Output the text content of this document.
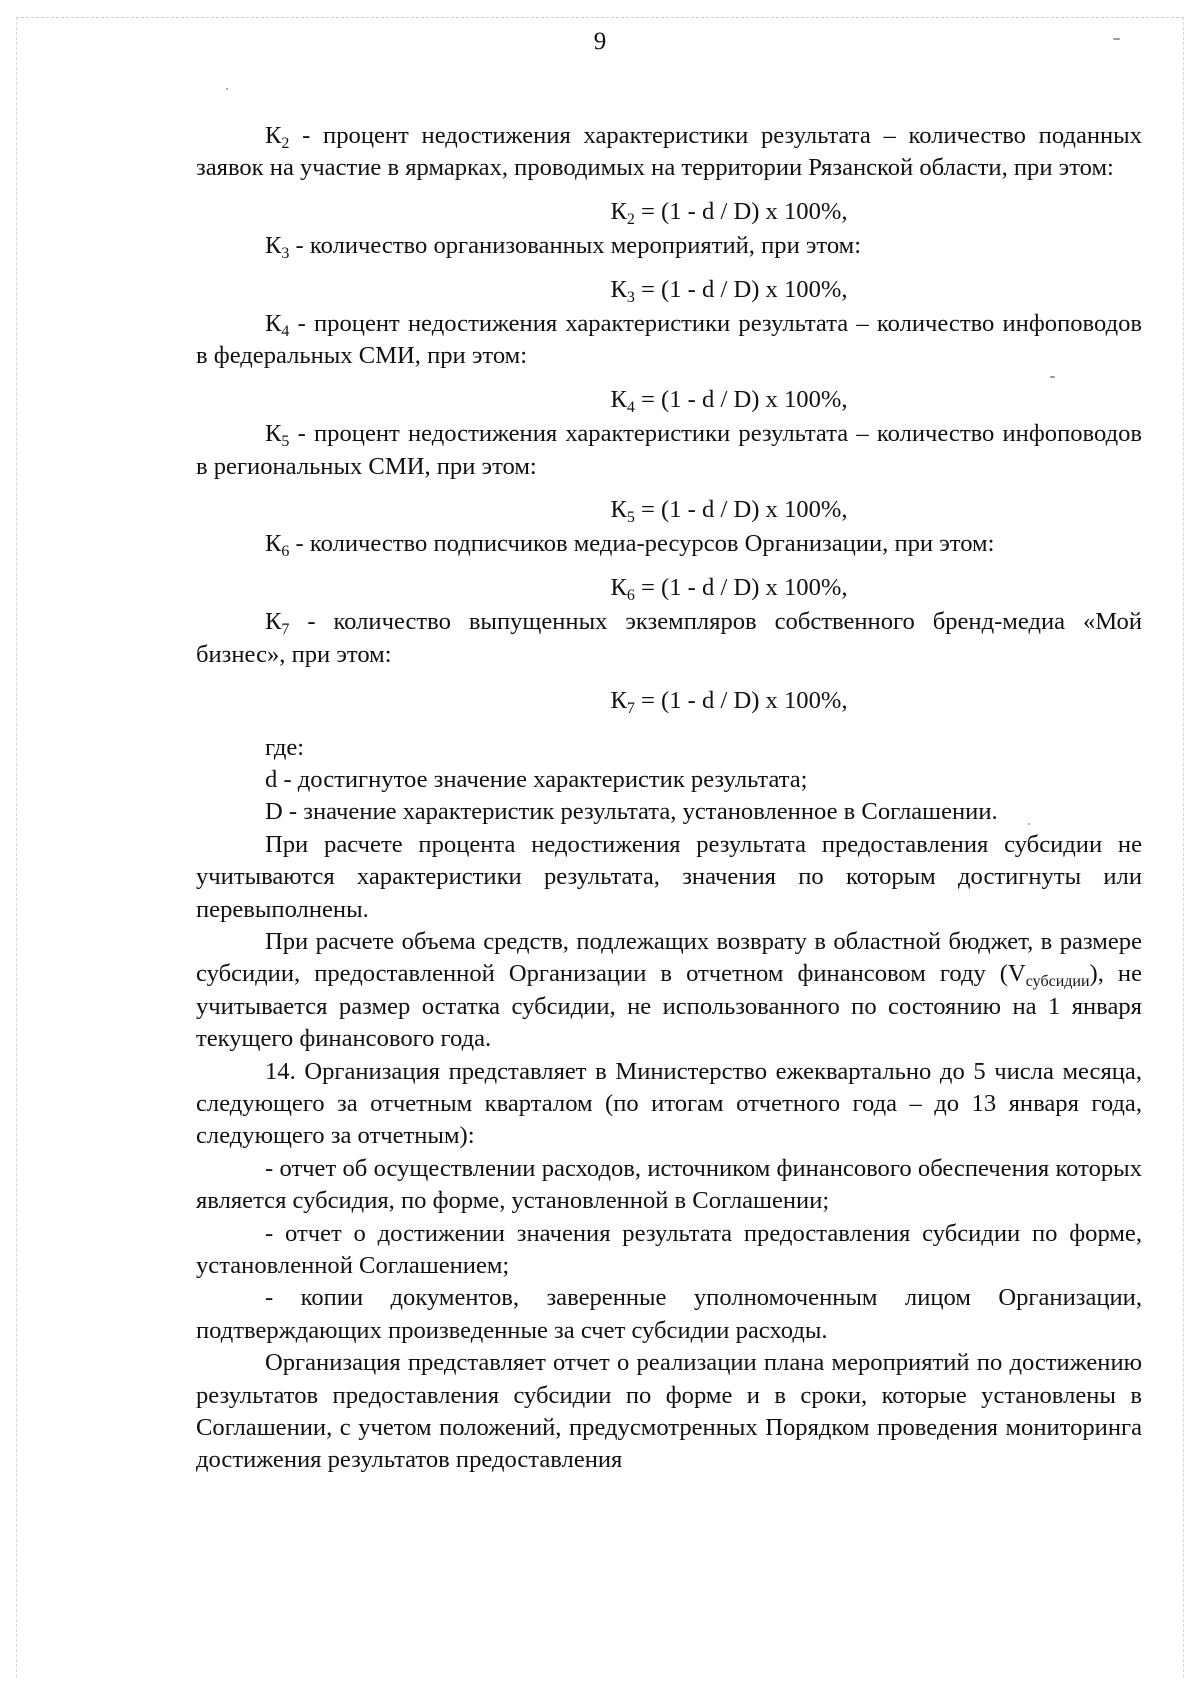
9

$К_2$ - процент недостижения характеристики результата – количество поданных заявок на участие в ярмарках, проводимых на территории Рязанской области, при этом:

$К_2 = (1 - d / D)$ x 100%,

$К_3$ - количество организованных мероприятий, при этом:

$К_3 = (1 - d / D)$ x 100%,

$К_4$ - процент недостижения характеристики результата – количество инфоповодов в федеральных СМИ, при этом:

$К_4 = (1 - d / D)$ x 100%,

$К_5$ - процент недостижения характеристики результата – количество инфоповодов в региональных СМИ, при этом:

$К_5 = (1 - d / D)$ x 100%,

$К_6$ - количество подписчиков медиа-ресурсов Организации, при этом:

$К_6 = (1 - d / D)$ x 100%,

$К_7$ - количество выпущенных экземпляров собственного бренд-медиа «Мой бизнес», при этом:

$К_7 = (1 - d / D)$ x 100%,

где:

d - достигнутое значение характеристик результата;

D - значение характеристик результата, установленное в Соглашении.

При расчете процента недостижения результата предоставления субсидии не учитываются характеристики результата, значения по которым достигнуты или перевыполнены.

При расчете объема средств, подлежащих возврату в областной бюджет, в размере субсидии, предоставленной Организации в отчетном финансовом году $(V_{субсидии})$, не учитывается размер остатка субсидии, не использованного по состоянию на 1 января текущего финансового года.

14. Организация представляет в Министерство ежеквартально до 5 числа месяца, следующего за отчетным кварталом (по итогам отчетного года – до 13 января года, следующего за отчетным):

- отчет об осуществлении расходов, источником финансового обеспечения которых является субсидия, по форме, установленной в Соглашении;

- отчет о достижении значения результата предоставления субсидии по форме, установленной Соглашением;

- копии документов, заверенные уполномоченным лицом Организации, подтверждающих произведенные за счет субсидии расходы.

Организация представляет отчет о реализации плана мероприятий по достижению результатов предоставления субсидии по форме и в сроки, которые установлены в Соглашении, с учетом положений, предусмотренных Порядком проведения мониторинга достижения результатов предоставления
